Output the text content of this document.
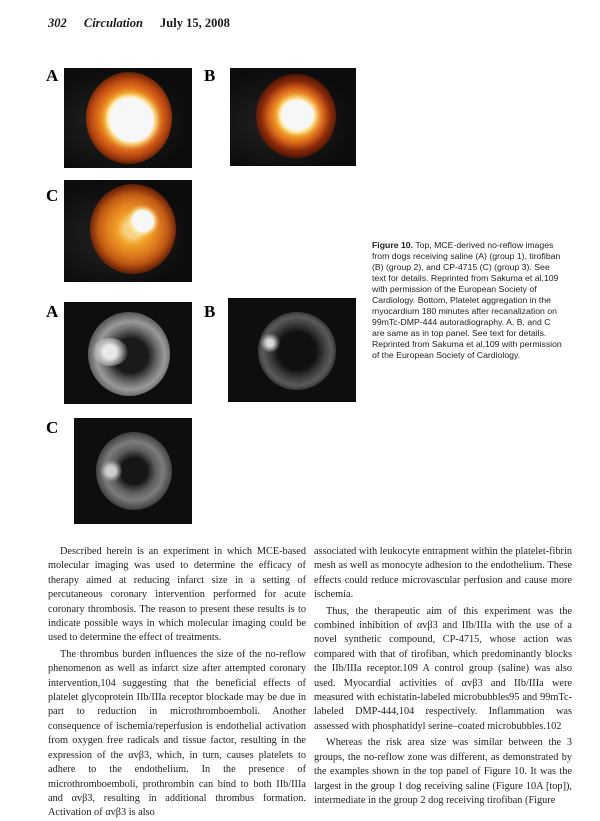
302 Circulation July 15, 2008
A	B
C
A	B
C
Figure 10. Top, MCE-derived no-reflow images from dogs receiving saline (A) (group 1), tirofiban (B) (group 2), and CP-4715 (C) (group 3). See text for details. Reprinted from Sakuma et al,109 with permission of the European Society of Cardiology. Bottom, Platelet aggregation in the myocardium 180 minutes after recanalization on 99mTc-DMP-444 autoradiography. A, B, and C are same as in top panel. See text for details. Reprinted from Sakuma et al,109 with permission of the European Society of Cardiology.

Described herein is an experiment in which MCE-based molecular imaging was used to determine the efficacy of therapy aimed at reducing infarct size in a setting of percutaneous coronary intervention performed for acute coronary thrombosis. The reason to present these results is to indicate possible ways in which molecular imaging could be used to determine the effect of treatments.

The thrombus burden influences the size of the no-reflow phenomenon as well as infarct size after attempted coronary intervention,104 suggesting that the beneficial effects of platelet glycoprotein IIb/IIIa receptor blockade may be due in part to reduction in microthromboemboli. Another consequence of ischemia/reperfusion is endothelial activation from oxygen free radicals and tissue factor, resulting in the expression of the αvβ3, which, in turn, causes platelets to adhere to the endothelium. In the presence of microthromboemboli, prothrombin can bind to both IIb/IIIa and αvβ3, resulting in additional thrombus formation. Activation of αvβ3 is also

associated with leukocyte entrapment within the platelet-fibrin mesh as well as monocyte adhesion to the endothelium. These effects could reduce microvascular perfusion and cause more ischemia.

Thus, the therapeutic aim of this experiment was the combined inhibition of αvβ3 and IIb/IIIa with the use of a novel synthetic compound, CP-4715, whose action was compared with that of tirofiban, which predominantly blocks the IIb/IIIa receptor.109 A control group (saline) was also used. Myocardial activities of αvβ3 and IIb/IIIa were measured with echistatin-labeled microbubbles95 and 99mTc-labeled DMP-444,104 respectively. Inflammation was assessed with phosphatidyl serine–coated microbubbles.102

Whereas the risk area size was similar between the 3 groups, the no-reflow zone was different, as demonstrated by the examples shown in the top panel of Figure 10. It was the largest in the group 1 dog receiving saline (Figure 10A [top]), intermediate in the group 2 dog receiving tirofiban (Figure
